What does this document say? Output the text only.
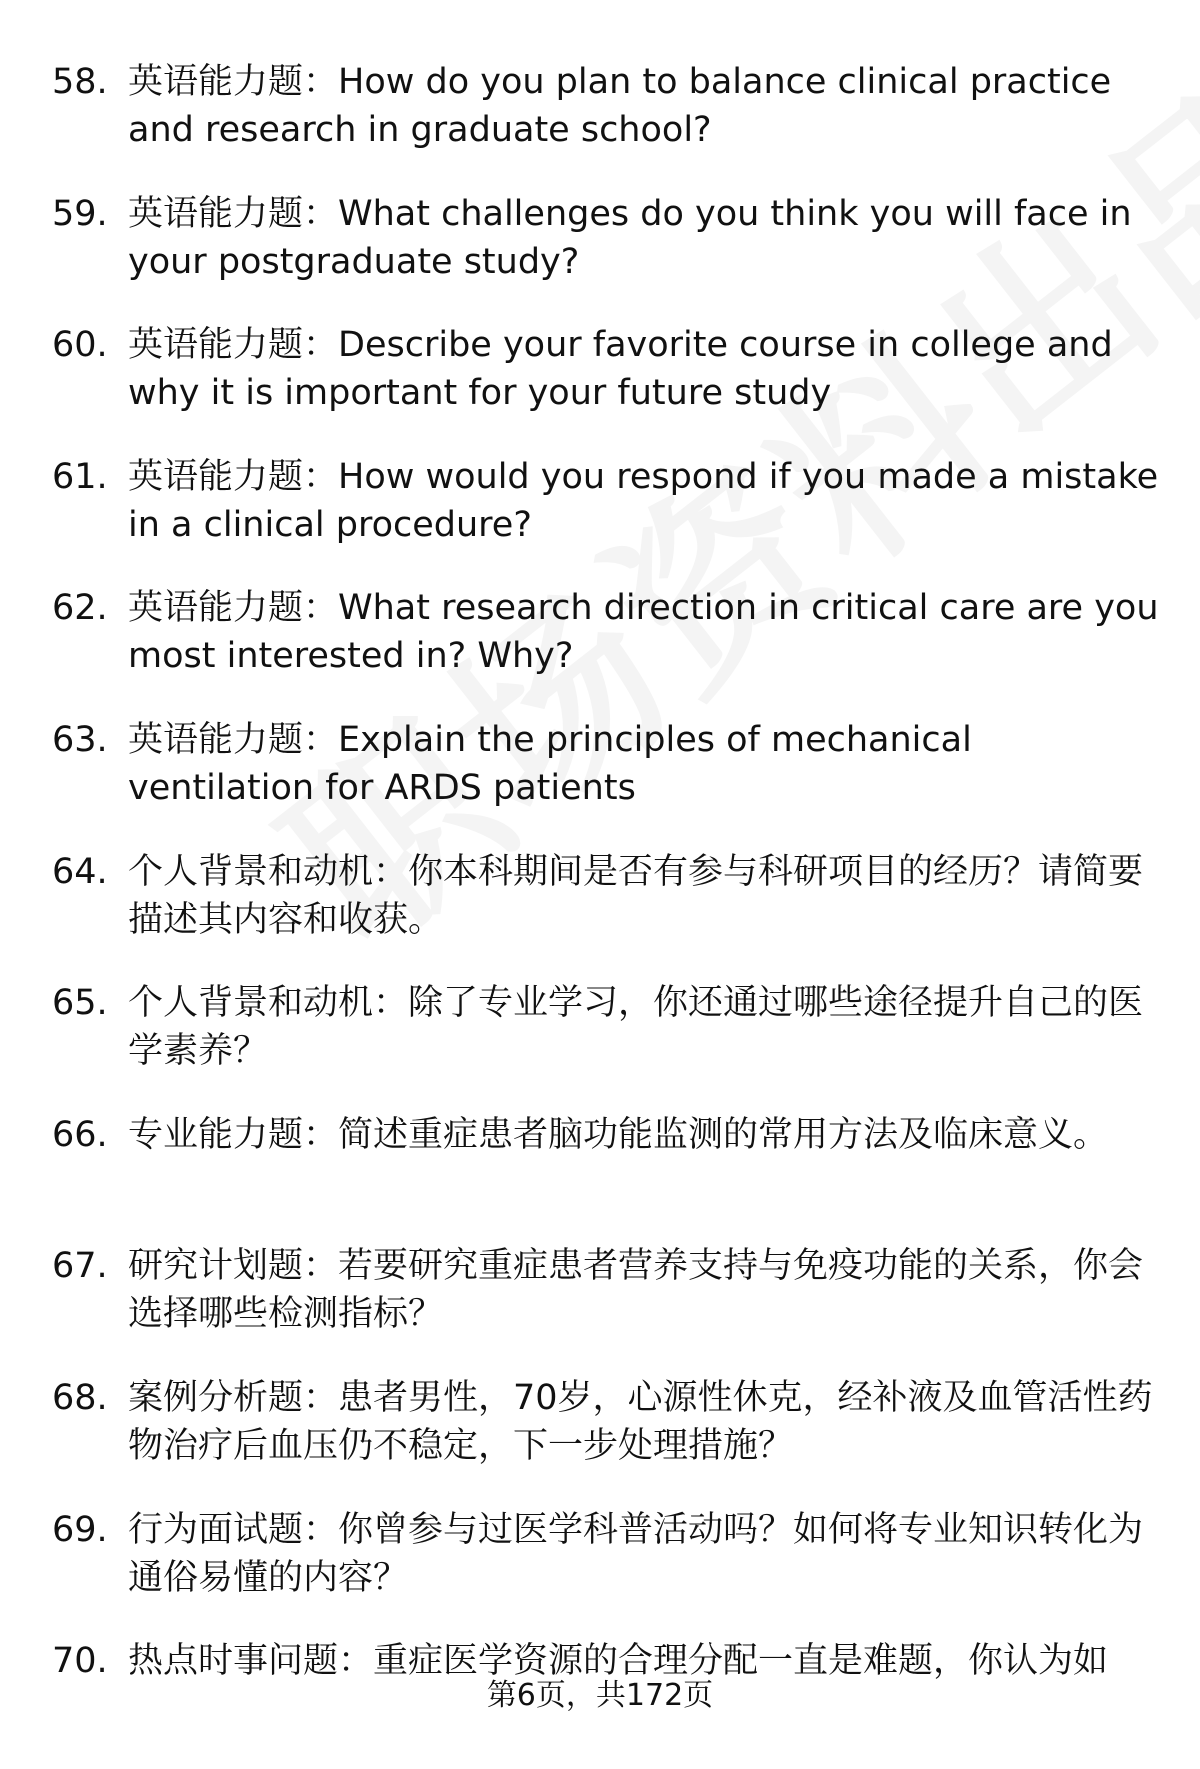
58. 英语能力题：How do you plan to balance clinical practice and research in graduate school?
59. 英语能力题：What challenges do you think you will face in your postgraduate study?
60. 英语能力题：Describe your favorite course in college and why it is important for your future study
61. 英语能力题：How would you respond if you made a mistake in a clinical procedure?
62. 英语能力题：What research direction in critical care are you most interested in? Why?
63. 英语能力题：Explain the principles of mechanical ventilation for ARDS patients
64. 个人背景和动机：你本科期间是否有参与科研项目的经历？请简要描述其内容和收获。
65. 个人背景和动机：除了专业学习，你还通过哪些途径提升自己的医学素养？
66. 专业能力题：简述重症患者脑功能监测的常用方法及临床意义。
67. 研究计划题：若要研究重症患者营养支持与免疫功能的关系，你会选择哪些检测指标？
68. 案例分析题：患者男性，70岁，心源性休克，经补液及血管活性药物治疗后血压仍不稳定，下一步处理措施？
69. 行为面试题：你曾参与过医学科普活动吗？如何将专业知识转化为通俗易懂的内容？
70. 热点时事问题：重症医学资源的合理分配一直是难题，你认为如
第6页，共172页
